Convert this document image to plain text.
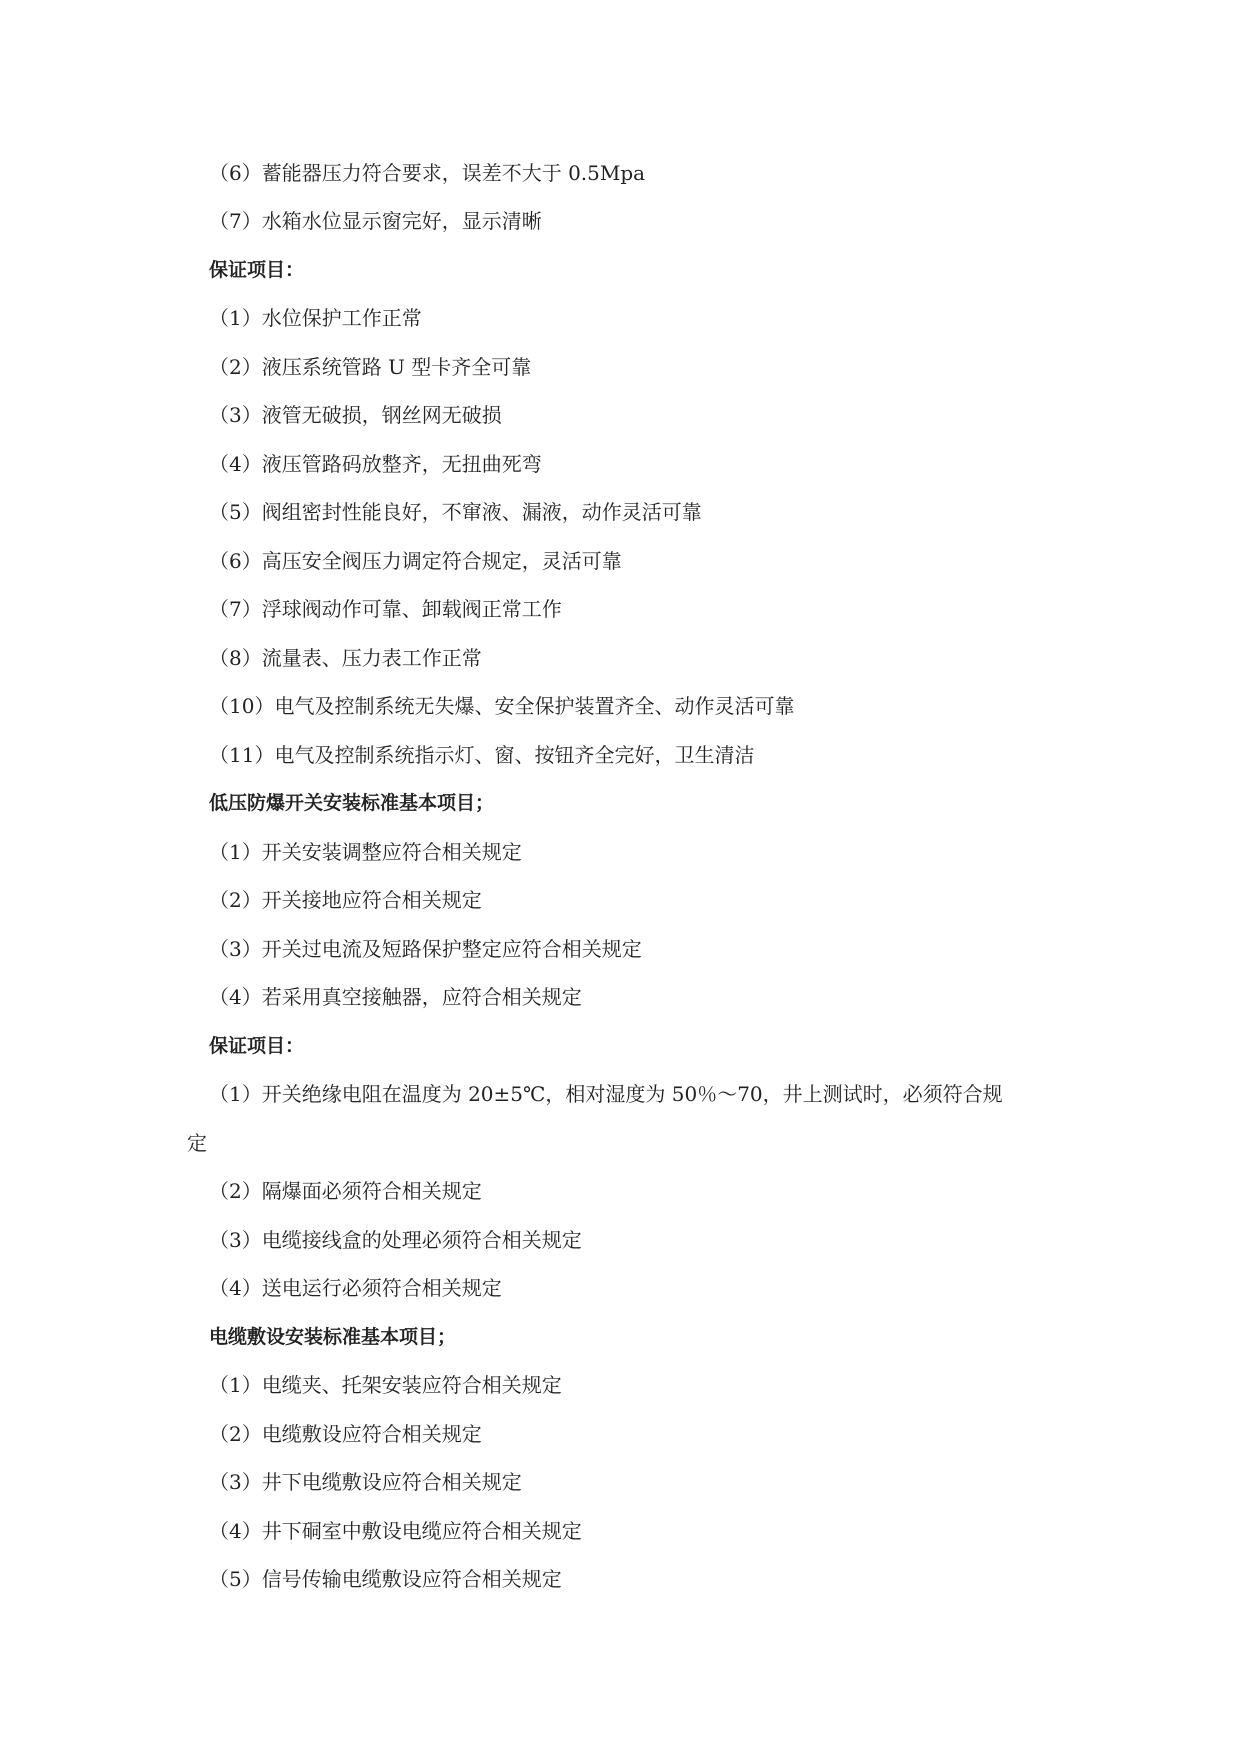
（6）蓄能器压力符合要求，误差不大于 0.5Mpa
（7）水箱水位显示窗完好，显示清晰
保证项目：
（1）水位保护工作正常
（2）液压系统管路 U 型卡齐全可靠
（3）液管无破损，钢丝网无破损
（4）液压管路码放整齐，无扭曲死弯
（5）阀组密封性能良好，不窜液、漏液，动作灵活可靠
（6）高压安全阀压力调定符合规定，灵活可靠
（7）浮球阀动作可靠、卸载阀正常工作
（8）流量表、压力表工作正常
（10）电气及控制系统无失爆、安全保护装置齐全、动作灵活可靠
（11）电气及控制系统指示灯、窗、按钮齐全完好，卫生清洁
低压防爆开关安装标准基本项目；
（1）开关安装调整应符合相关规定
（2）开关接地应符合相关规定
（3）开关过电流及短路保护整定应符合相关规定
（4）若采用真空接触器，应符合相关规定
保证项目：
（1）开关绝缘电阻在温度为 20±5℃，相对湿度为 50％～70，井上测试时，必须符合规
定
（2）隔爆面必须符合相关规定
（3）电缆接线盒的处理必须符合相关规定
（4）送电运行必须符合相关规定
电缆敷设安装标准基本项目；
（1）电缆夹、托架安装应符合相关规定
（2）电缆敷设应符合相关规定
（3）井下电缆敷设应符合相关规定
（4）井下硐室中敷设电缆应符合相关规定
（5）信号传输电缆敷设应符合相关规定
